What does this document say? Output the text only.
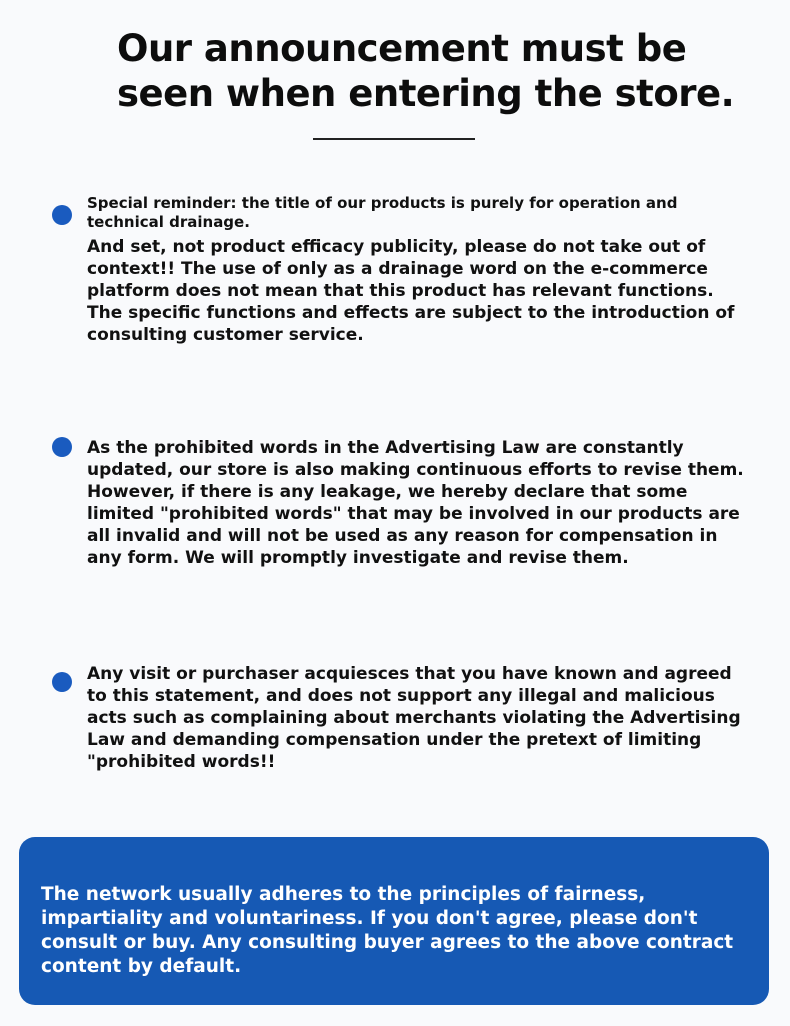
Our announcement must be
seen when entering the store.

Special reminder: the title of our products is purely for operation and technical drainage.

And set, not product efficacy publicity, please do not take out of context!! The use of only as a drainage word on the e-commerce platform does not mean that this product has relevant functions. The specific functions and effects are subject to the introduction of consulting customer service.

As the prohibited words in the Advertising Law are constantly updated, our store is also making continuous efforts to revise them. However, if there is any leakage, we hereby declare that some limited "prohibited words" that may be involved in our products are all invalid and will not be used as any reason for compensation in any form. We will promptly investigate and revise them.

Any visit or purchaser acquiesces that you have known and agreed to this statement, and does not support any illegal and malicious acts such as complaining about merchants violating the Advertising Law and demanding compensation under the pretext of limiting "prohibited words!!

The network usually adheres to the principles of fairness, impartiality and voluntariness. If you don't agree, please don't consult or buy. Any consulting buyer agrees to the above contract content by default.
